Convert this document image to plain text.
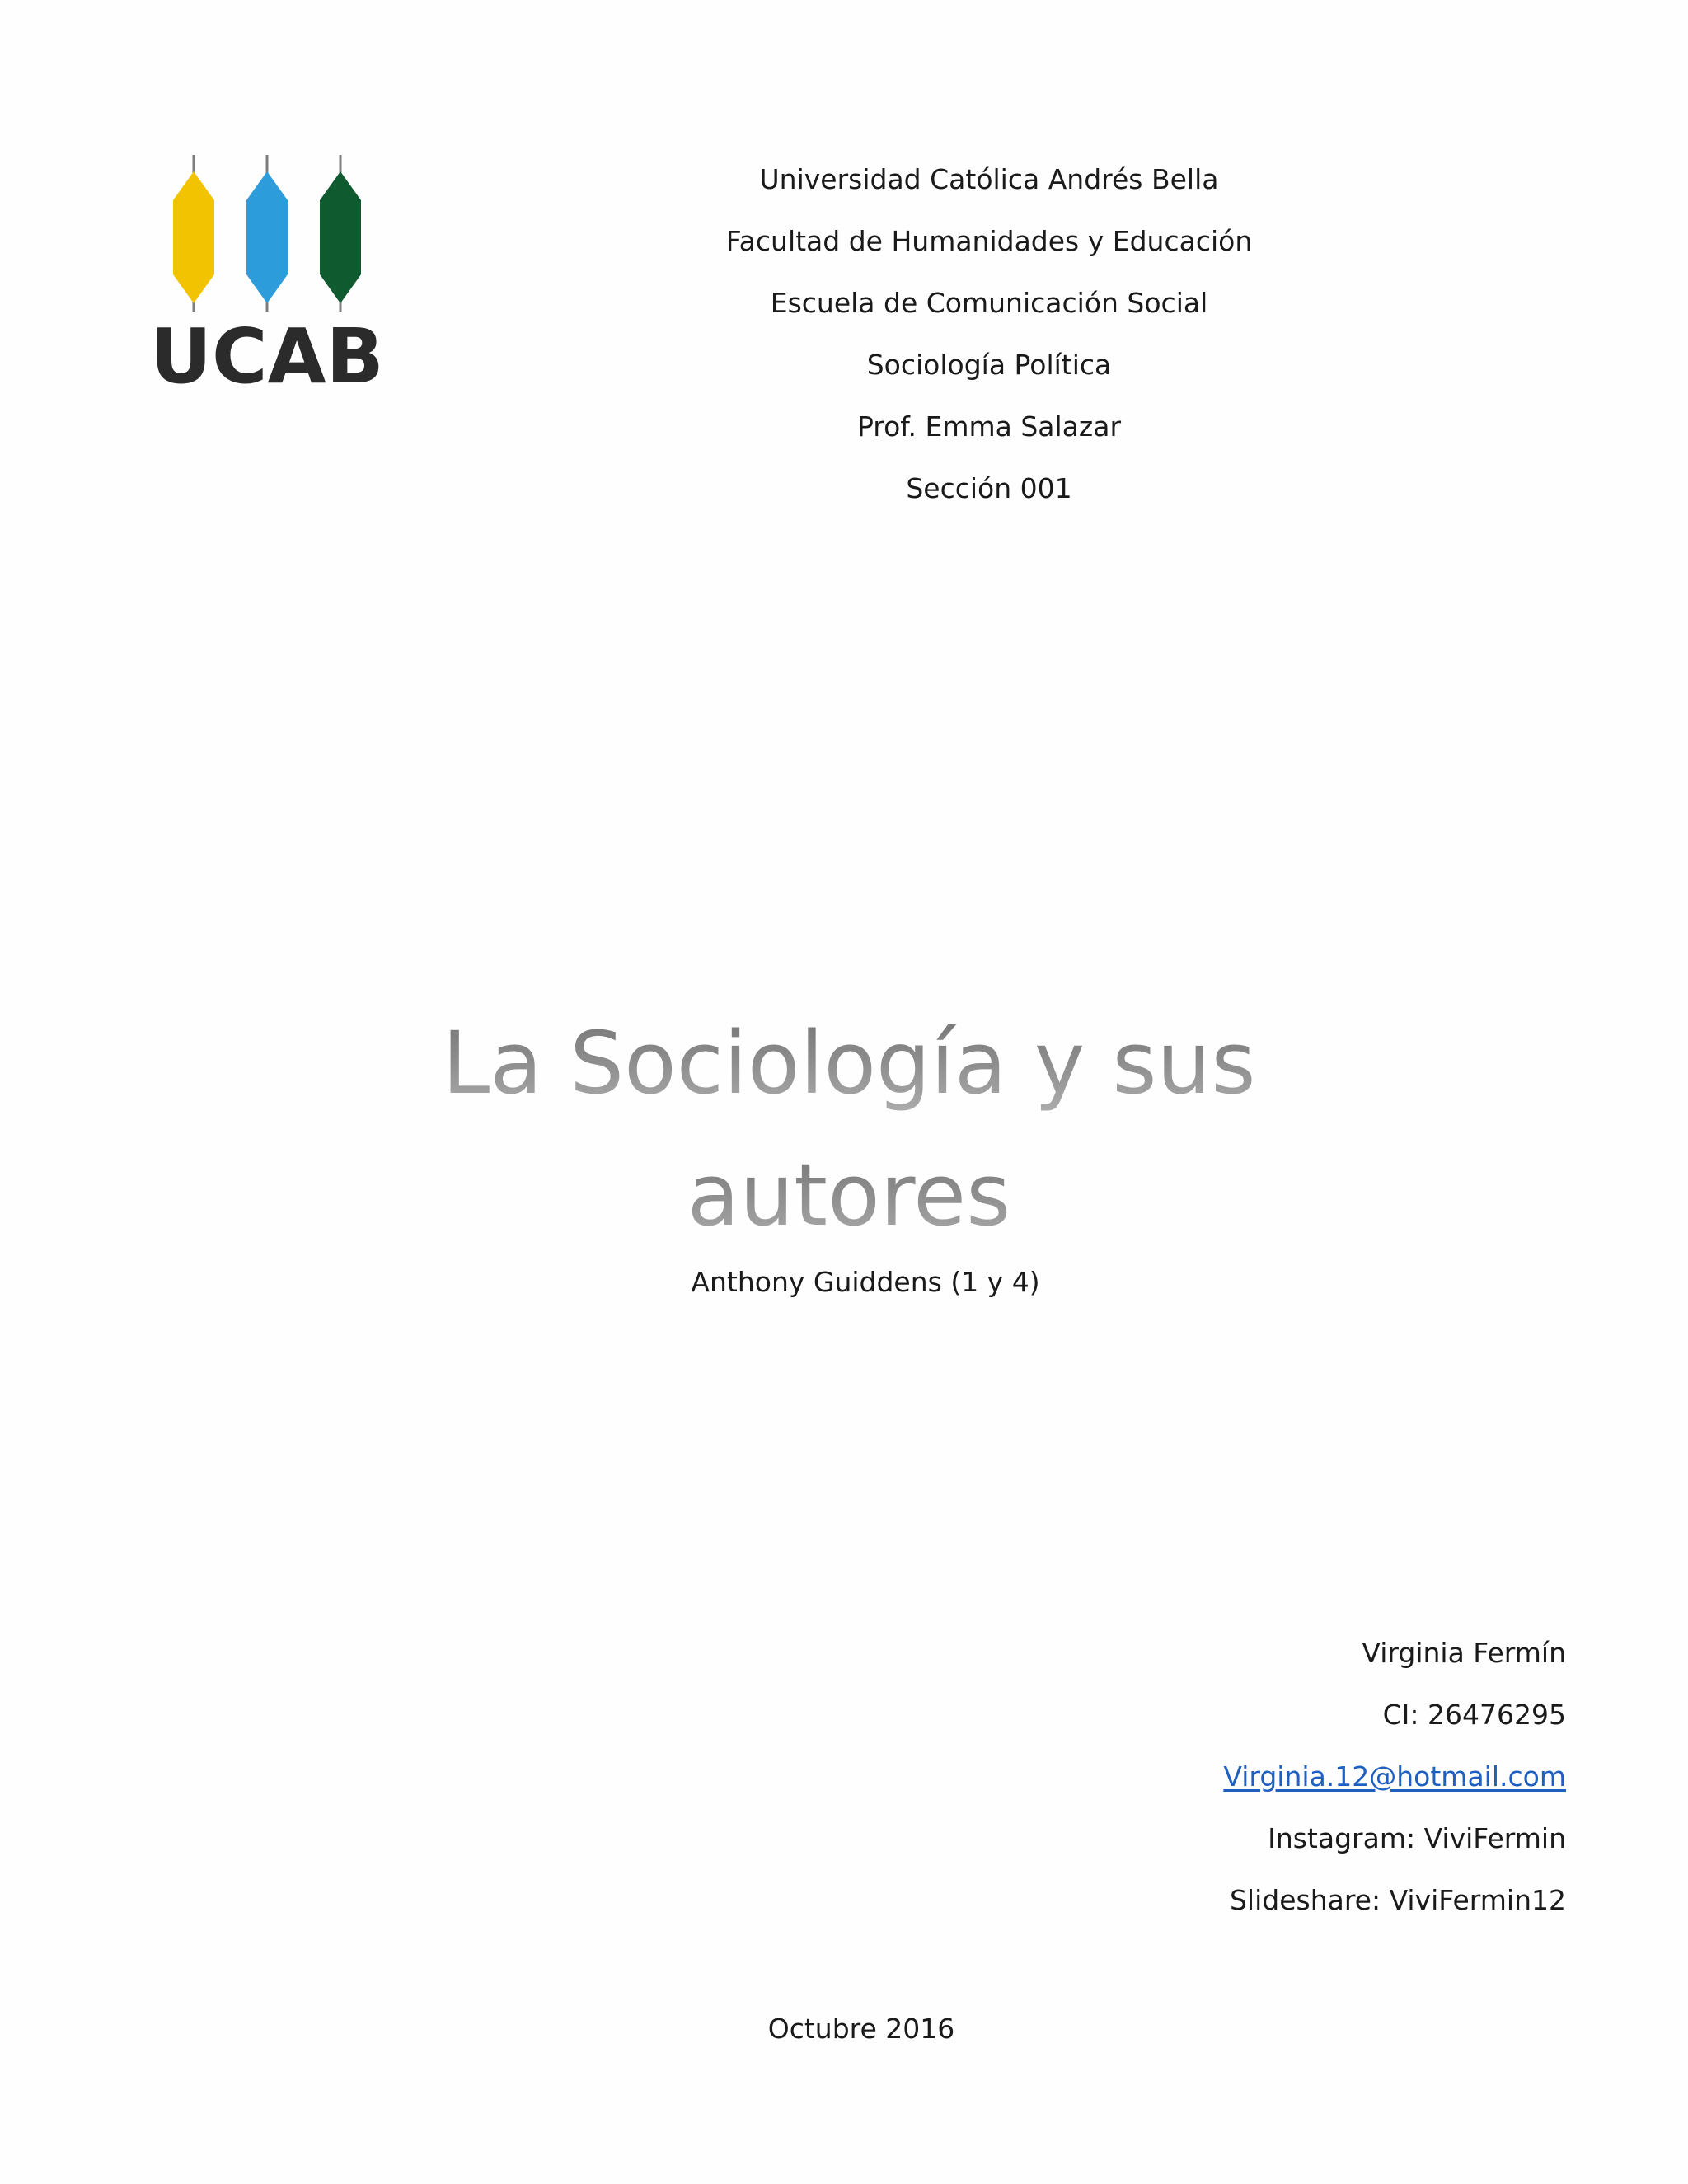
UCAB
Universidad Católica Andrés Bella
Facultad de Humanidades y Educación
Escuela de Comunicación Social
Sociología Política
Prof. Emma Salazar
Sección 001
La Sociología y sus
autores
Anthony Guiddens (1 y 4)
Virginia Fermín
CI: 26476295
Virginia.12@hotmail.com
Instagram: ViviFermin
Slideshare: ViviFermin12
Octubre 2016
